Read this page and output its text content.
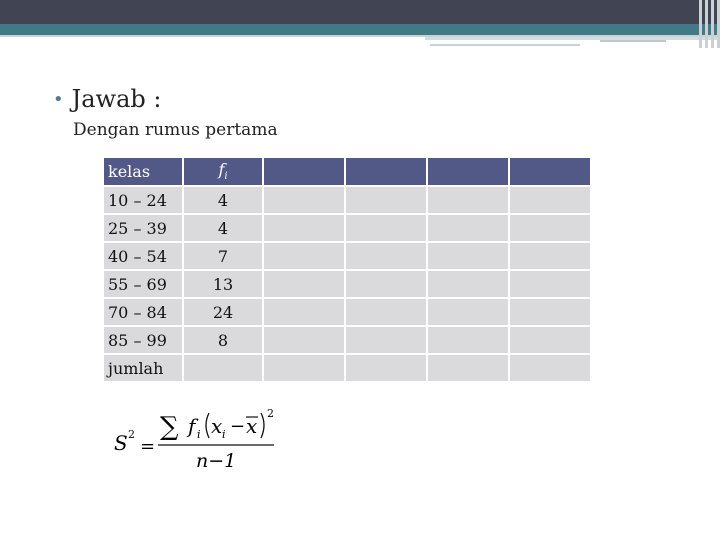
• Jawab :
Dengan rumus pertama
kelas	$f_i$				
10 – 24	4				
25 – 39	4				
40 – 54	7				
55 – 69	13				
70 – 84	24				
85 – 99	8				
jumlah					
S 2
=
∑ f i x i − x
2
n−1
